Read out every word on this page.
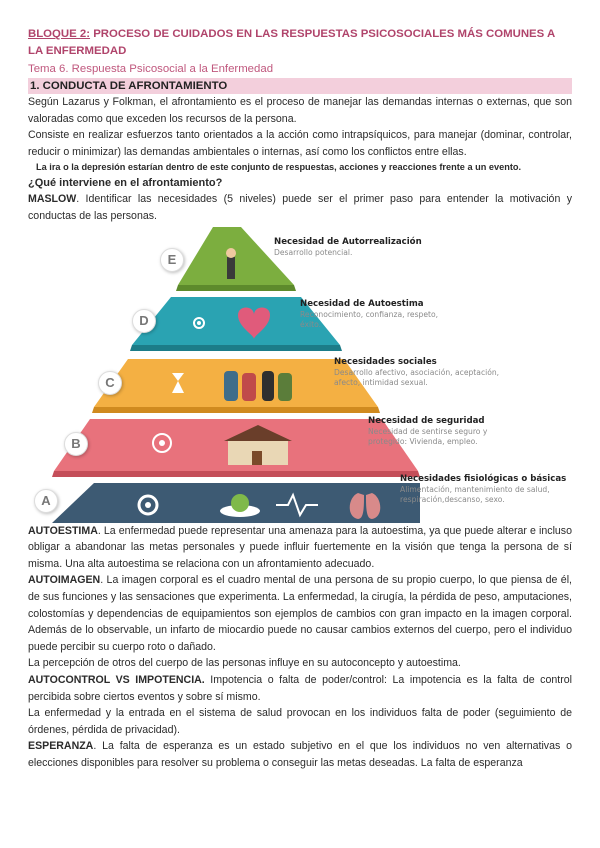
BLOQUE 2: PROCESO DE CUIDADOS EN LAS RESPUESTAS PSICOSOCIALES MÁS COMUNES A LA ENFERMEDAD
Tema 6. Respuesta Psicosocial a la Enfermedad
1. CONDUCTA DE AFRONTAMIENTO

Según Lazarus y Folkman, el afrontamiento es el proceso de manejar las demandas internas o externas, que son valoradas como que exceden los recursos de la persona.

Consiste en realizar esfuerzos tanto orientados a la acción como intrapsíquicos, para manejar (dominar, controlar, reducir o minimizar) las demandas ambientales o internas, así como los conflictos entre ellas.

La ira o la depresión estarían dentro de este conjunto de respuestas, acciones y reacciones frente a un evento.
¿Qué interviene en el afrontamiento?

MASLOW. Identificar las necesidades (5 niveles) puede ser el primer paso para entender la motivación y conductas de las personas.

E
D
C
B
A
Necesidad de Autorrealización
Desarrollo potencial.
Necesidad de Autoestima
Reconocimiento, confianza, respeto, éxito.
Necesidades sociales
Desarrollo afectivo, asociación, aceptación, afecto, intimidad sexual.
Necesidad de seguridad
Necesidad de sentirse seguro y protegido: Vivienda, empleo.
Necesidades fisiológicas o básicas
Alimentación, mantenimiento de salud, respiración,descanso, sexo.

AUTOESTIMA. La enfermedad puede representar una amenaza para la autoestima, ya que puede alterar e incluso obligar a abandonar las metas personales y puede influir fuertemente en la visión que tenga la persona de sí misma. Una alta autoestima se relaciona con un afrontamiento adecuado.

AUTOIMAGEN. La imagen corporal es el cuadro mental de una persona de su propio cuerpo, lo que piensa de él, de sus funciones y las sensaciones que experimenta. La enfermedad, la cirugía, la pérdida de peso, amputaciones, colostomías y dependencias de equipamientos son ejemplos de cambios con gran impacto en la imagen corporal. Además de lo observable, un infarto de miocardio puede no causar cambios externos del cuerpo, pero el individuo puede percibir su cuerpo roto o dañado.

La percepción de otros del cuerpo de las personas influye en su autoconcepto y autoestima.

AUTOCONTROL VS IMPOTENCIA. Impotencia o falta de poder/control: La impotencia es la falta de control percibida sobre ciertos eventos y sobre sí mismo.

La enfermedad y la entrada en el sistema de salud provocan en los individuos falta de poder (seguimiento de órdenes, pérdida de privacidad).

ESPERANZA. La falta de esperanza es un estado subjetivo en el que los individuos no ven alternativas o elecciones disponibles para resolver su problema o conseguir las metas deseadas. La falta de esperanza
